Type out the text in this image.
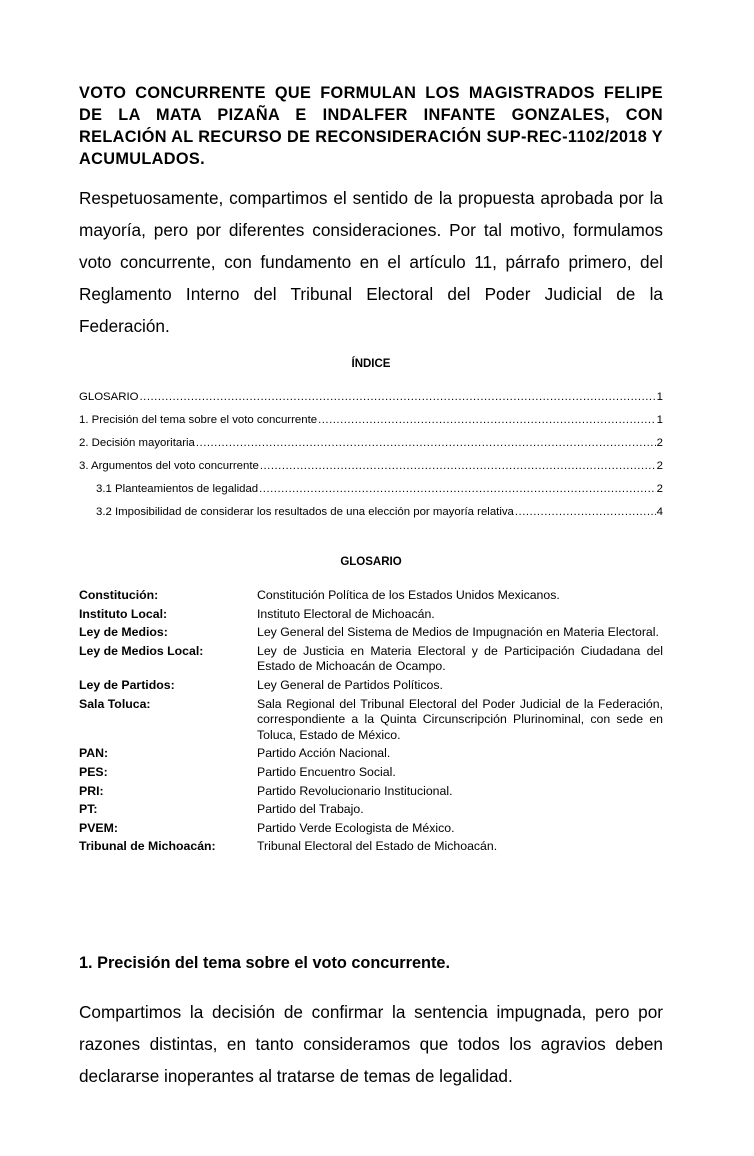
VOTO CONCURRENTE QUE FORMULAN LOS MAGISTRADOS FELIPE DE LA MATA PIZAÑA E INDALFER INFANTE GONZALES, CON RELACIÓN AL RECURSO DE RECONSIDERACIÓN SUP-REC-1102/2018 Y ACUMULADOS.
Respetuosamente, compartimos el sentido de la propuesta aprobada por la mayoría, pero por diferentes consideraciones. Por tal motivo, formulamos voto concurrente, con fundamento en el artículo 11, párrafo primero, del Reglamento Interno del Tribunal Electoral del Poder Judicial de la Federación.
ÍNDICE
GLOSARIO .....	1
1. Precisión del tema sobre el voto concurrente .....	1
2. Decisión mayoritaria .....	2
3. Argumentos del voto concurrente .....	2
3.1 Planteamientos de legalidad .....	2
3.2 Imposibilidad de considerar los resultados de una elección por mayoría relativa .....	4
GLOSARIO
Constitución:	Constitución Política de los Estados Unidos Mexicanos.
Instituto Local:	Instituto Electoral de Michoacán.
Ley de Medios:	Ley General del Sistema de Medios de Impugnación en Materia Electoral.
Ley de Medios Local:	Ley de Justicia en Materia Electoral y de Participación Ciudadana del Estado de Michoacán de Ocampo.
Ley de Partidos:	Ley General de Partidos Políticos.
Sala Toluca:	Sala Regional del Tribunal Electoral del Poder Judicial de la Federación, correspondiente a la Quinta Circunscripción Plurinominal, con sede en Toluca, Estado de México.
PAN:	Partido Acción Nacional.
PES:	Partido Encuentro Social.
PRI:	Partido Revolucionario Institucional.
PT:	Partido del Trabajo.
PVEM:	Partido Verde Ecologista de México.
Tribunal de Michoacán:	Tribunal Electoral del Estado de Michoacán.
1. Precisión del tema sobre el voto concurrente.
Compartimos la decisión de confirmar la sentencia impugnada, pero por razones distintas, en tanto consideramos que todos los agravios deben declararse inoperantes al tratarse de temas de legalidad.
